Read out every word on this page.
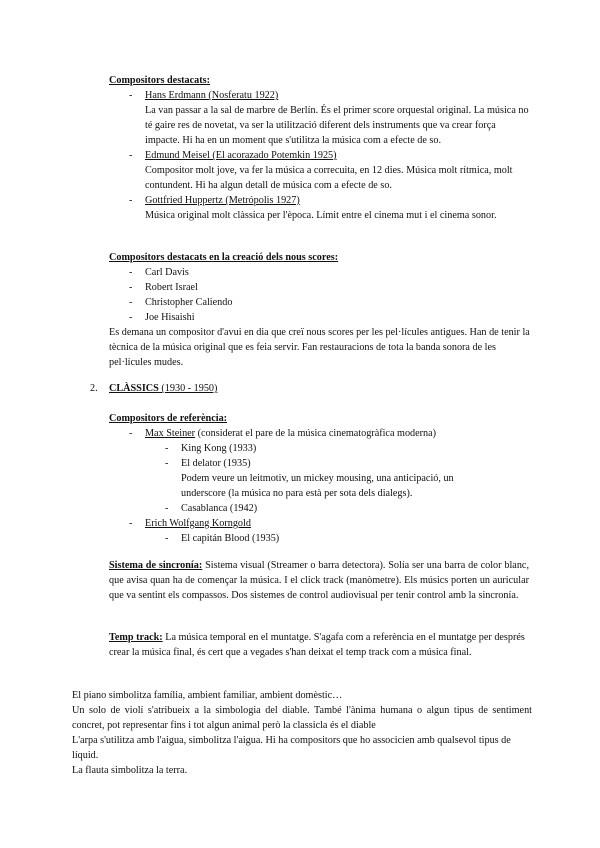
Compositors destacats:
- Hans Erdmann (Nosferatu 1922)

La van passar a la sal de marbre de Berlín. És el primer score orquestal original. La música no té gaire res de novetat, va ser la utilització diferent dels instruments que va crear força impacte. Hi ha en un moment que s'utilitza la música com a efecte de so.

- Edmund Meisel (El acorazado Potemkin 1925)

Compositor molt jove, va fer la música a correcuita, en 12 dies. Música molt rítmica, molt contundent. Hi ha algun detall de música com a efecte de so.

- Gottfried Huppertz (Metrópolis 1927)

Música original molt clàssica per l'època. Límit entre el cinema mut i el cinema sonor.

Compositors destacats en la creació dels nous scores:
- Carl Davis
- Robert Israel
- Christopher Caliendo
- Joe Hisaishi

Es demana un compositor d'avui en dia que creï nous scores per les pel·lícules antigues. Han de tenir la tècnica de la música original que es feia servir. Fan restauracions de tota la banda sonora de les pel·lícules mudes.

2. CLÀSSICS (1930 - 1950)
Compositors de referència:
- Max Steiner (considerat el pare de la música cinematogràfica moderna)
- King Kong (1933)
- El delator (1935)

Podem veure un leitmotiv, un mickey mousing, una anticipació, un underscore (la música no para està per sota dels dialegs).

- Casablanca (1942)
- Erich Wolfgang Korngold
- El capitán Blood (1935)

Sistema de sincronía: Sistema visual (Streamer o barra detectora). Solía ser una barra de color blanc, que avisa quan ha de començar la música. I el click track (manòmetre). Els músics porten un auricular que va sentint els compassos. Dos sistemes de control audiovisual per tenir control amb la sincronía.

Temp track: La música temporal en el muntatge. S'agafa com a referència en el muntatge per després crear la música final, és cert que a vegades s'han deixat el temp track com a música final.

El piano simbolitza família, ambient familiar, ambient domèstic…

Un solo de violí s'atribueix a la simbologia del diable. També l'ànima humana o algun tipus de sentiment concret, pot representar fins i tot algun animal però la classicla és el diable

L'arpa s'utilitza amb l'aigua, simbolitza l'aigua. Hi ha compositors que ho associcien amb qualsevol tipus de líquid.

La flauta simbolitza la terra.
